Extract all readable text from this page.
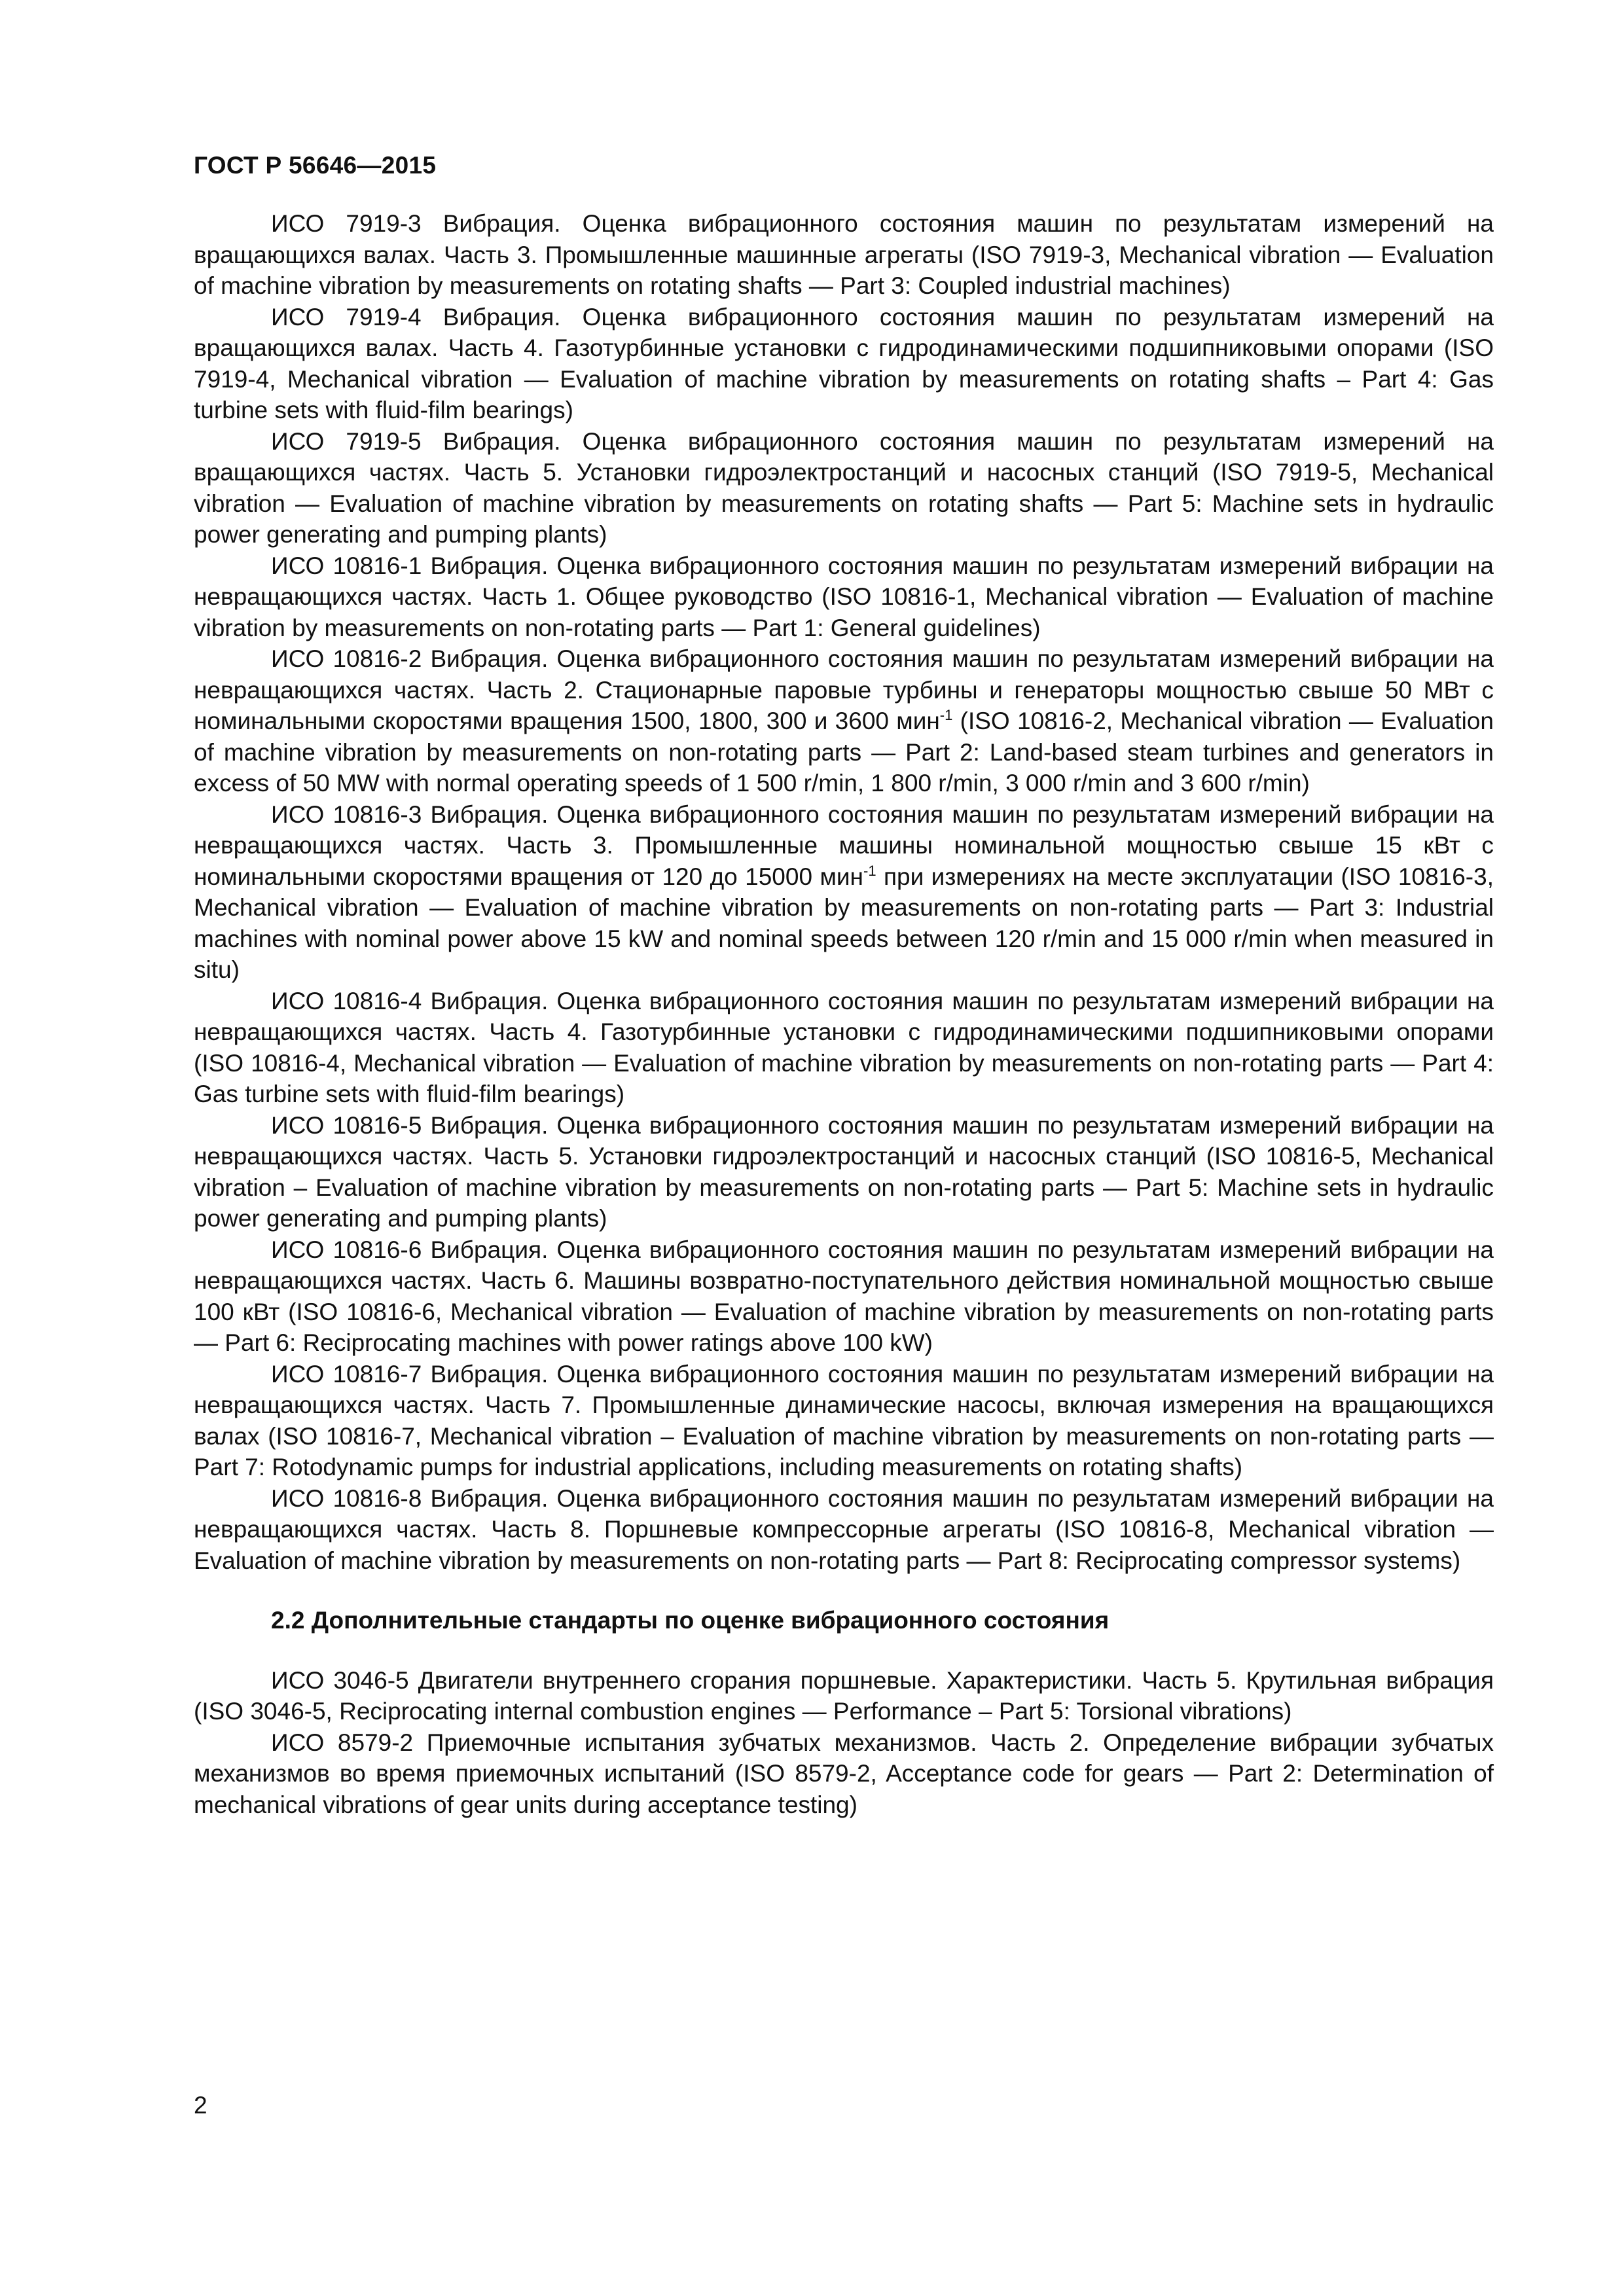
ГОСТ Р 56646—2015

ИСО 7919-3 Вибрация. Оценка вибрационного состояния машин по результатам измерений на вращающихся валах. Часть 3. Промышленные машинные агрегаты (ISO 7919-3, Mechanical vibration — Evaluation of machine vibration by measurements on rotating shafts — Part 3: Coupled industrial machines)

ИСО 7919-4 Вибрация. Оценка вибрационного состояния машин по результатам измерений на вращающихся валах. Часть 4. Газотурбинные установки с гидродинамическими подшипниковыми опорами (ISO 7919-4, Mechanical vibration — Evaluation of machine vibration by measurements on rotating shafts – Part 4: Gas turbine sets with fluid-film bearings)

ИСО 7919-5 Вибрация. Оценка вибрационного состояния машин по результатам измерений на вращающихся частях. Часть 5. Установки гидроэлектростанций и насосных станций (ISO 7919-5, Mechanical vibration — Evaluation of machine vibration by measurements on rotating shafts — Part 5: Machine sets in hydraulic power generating and pumping plants)

ИСО 10816-1 Вибрация. Оценка вибрационного состояния машин по результатам измерений вибрации на невращающихся частях. Часть 1. Общее руководство (ISO 10816-1, Mechanical vibration — Evaluation of machine vibration by measurements on non-rotating parts — Part 1: General guidelines)

ИСО 10816-2 Вибрация. Оценка вибрационного состояния машин по результатам измерений вибрации на невращающихся частях. Часть 2. Стационарные паровые турбины и генераторы мощностью свыше 50 МВт с номинальными скоростями вращения 1500, 1800, 300 и 3600 мин$^{-1}$ (ISO 10816-2, Mechanical vibration — Evaluation of machine vibration by measurements on non-rotating parts — Part 2: Land-based steam turbines and generators in excess of 50 MW with normal operating speeds of 1 500 r/min, 1 800 r/min, 3 000 r/min and 3 600 r/min)

ИСО 10816-3 Вибрация. Оценка вибрационного состояния машин по результатам измерений вибрации на невращающихся частях. Часть 3. Промышленные машины номинальной мощностью свыше 15 кВт с номинальными скоростями вращения от 120 до 15000 мин$^{-1}$ при измерениях на месте эксплуатации (ISO 10816-3, Mechanical vibration — Evaluation of machine vibration by measurements on non-rotating parts — Part 3: Industrial machines with nominal power above 15 kW and nominal speeds between 120 r/min and 15 000 r/min when measured in situ)

ИСО 10816-4 Вибрация. Оценка вибрационного состояния машин по результатам измерений вибрации на невращающихся частях. Часть 4. Газотурбинные установки с гидродинамическими подшипниковыми опорами (ISO 10816-4, Mechanical vibration — Evaluation of machine vibration by measurements on non-rotating parts — Part 4: Gas turbine sets with fluid-film bearings)

ИСО 10816-5 Вибрация. Оценка вибрационного состояния машин по результатам измерений вибрации на невращающихся частях. Часть 5. Установки гидроэлектростанций и насосных станций (ISO 10816-5, Mechanical vibration – Evaluation of machine vibration by measurements on non-rotating parts — Part 5: Machine sets in hydraulic power generating and pumping plants)

ИСО 10816-6 Вибрация. Оценка вибрационного состояния машин по результатам измерений вибрации на невращающихся частях. Часть 6. Машины возвратно-поступательного действия номинальной мощностью свыше 100 кВт (ISO 10816-6, Mechanical vibration — Evaluation of machine vibration by measurements on non-rotating parts — Part 6: Reciprocating machines with power ratings above 100 kW)

ИСО 10816-7 Вибрация. Оценка вибрационного состояния машин по результатам измерений вибрации на невращающихся частях. Часть 7. Промышленные динамические насосы, включая измерения на вращающихся валах (ISO 10816-7, Mechanical vibration – Evaluation of machine vibration by measurements on non-rotating parts — Part 7: Rotodynamic pumps for industrial applications, including measurements on rotating shafts)

ИСО 10816-8 Вибрация. Оценка вибрационного состояния машин по результатам измерений вибрации на невращающихся частях. Часть 8. Поршневые компрессорные агрегаты (ISO 10816-8, Mechanical vibration — Evaluation of machine vibration by measurements on non-rotating parts — Part 8: Reciprocating compressor systems)

2.2 Дополнительные стандарты по оценке вибрационного состояния

ИСО 3046-5 Двигатели внутреннего сгорания поршневые. Характеристики. Часть 5. Крутильная вибрация (ISO 3046-5, Reciprocating internal combustion engines — Performance – Part 5: Torsional vibrations)

ИСО 8579-2 Приемочные испытания зубчатых механизмов. Часть 2. Определение вибрации зубчатых механизмов во время приемочных испытаний (ISO 8579-2, Acceptance code for gears — Part 2: Determination of mechanical vibrations of gear units during acceptance testing)

2
